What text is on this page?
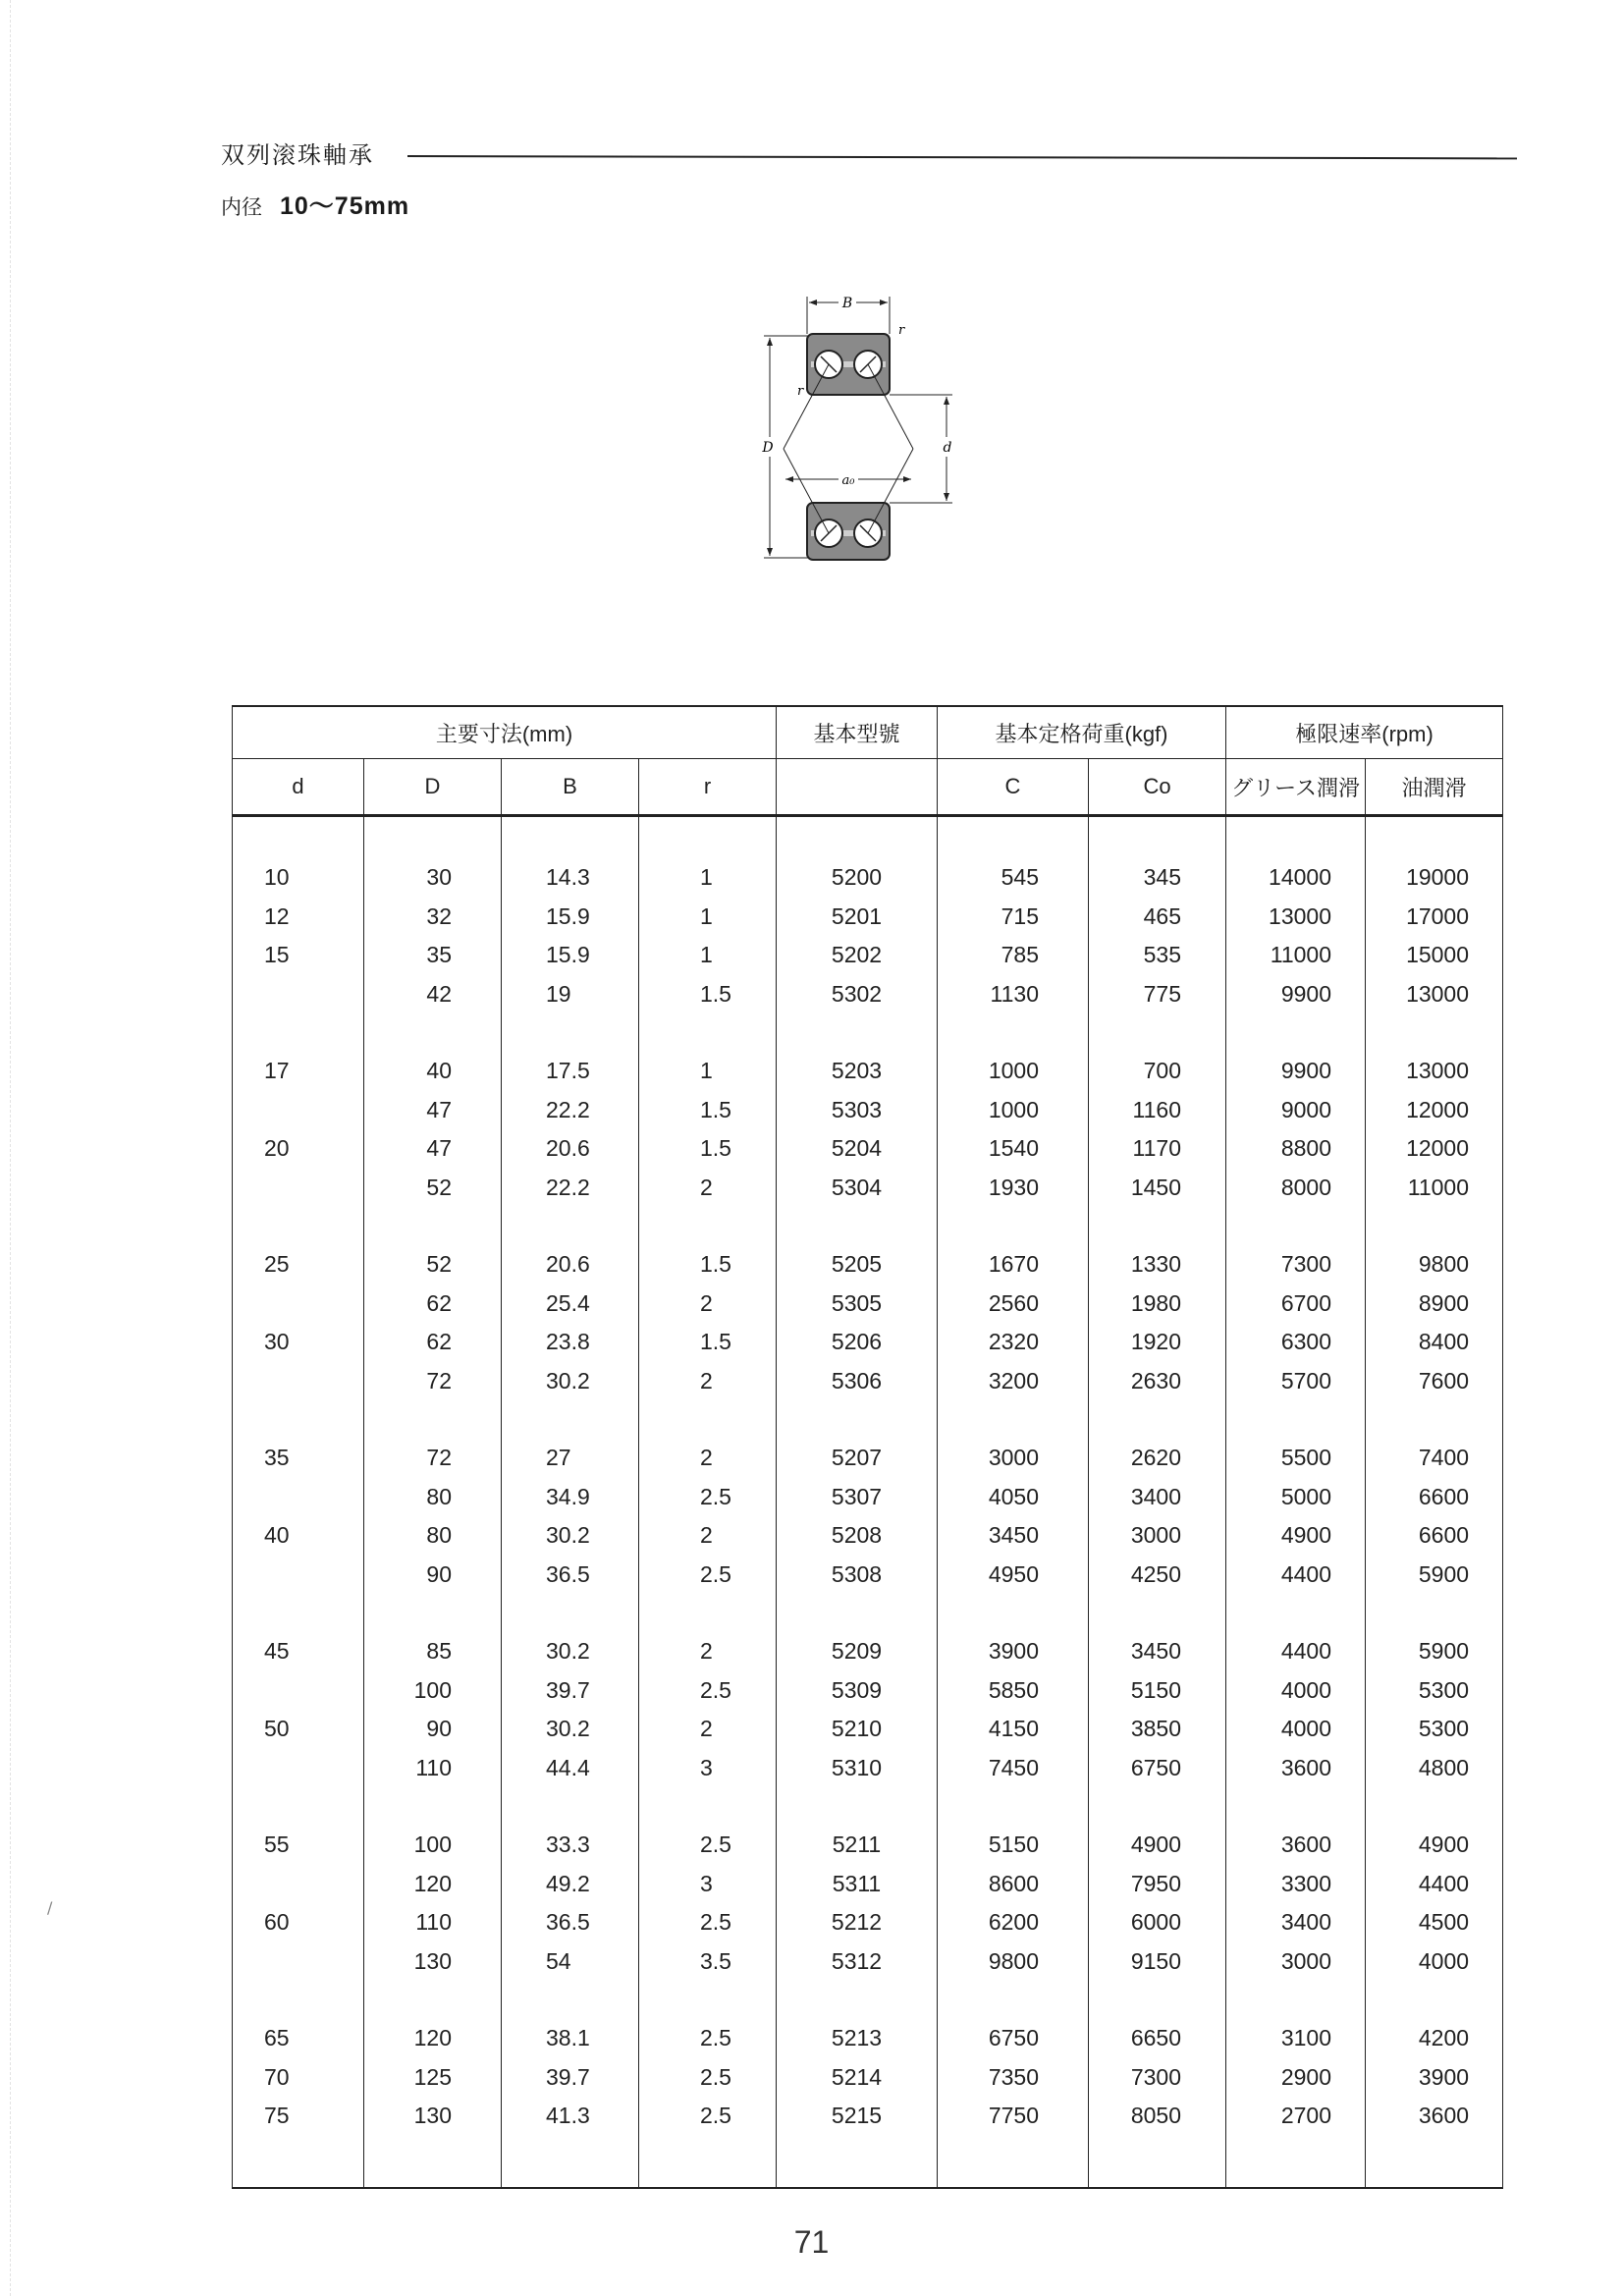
双列滚珠軸承
内径 10～75mm
B
r
D	d
r
a₀
主要寸法(mm)				基本型號	基本定格荷重(kgf)		極限速率(rpm)	
d	D	B	r		C	Co	グリース潤滑	油潤滑

10	30	14.3	1	5200	545	345	14000	19000
12	32	15.9	1	5201	715	465	13000	17000
15	35	15.9	1	5202	785	535	11000	15000
	42	19	1.5	5302	1130	775	9900	13000

17	40	17.5	1	5203	1000	700	9900	13000
	47	22.2	1.5	5303	1000	1160	9000	12000
20	47	20.6	1.5	5204	1540	1170	8800	12000
	52	22.2	2	5304	1930	1450	8000	11000

25	52	20.6	1.5	5205	1670	1330	7300	9800
	62	25.4	2	5305	2560	1980	6700	8900
30	62	23.8	1.5	5206	2320	1920	6300	8400
	72	30.2	2	5306	3200	2630	5700	7600

35	72	27	2	5207	3000	2620	5500	7400
	80	34.9	2.5	5307	4050	3400	5000	6600
40	80	30.2	2	5208	3450	3000	4900	6600
	90	36.5	2.5	5308	4950	4250	4400	5900

45	85	30.2	2	5209	3900	3450	4400	5900
	100	39.7	2.5	5309	5850	5150	4000	5300
50	90	30.2	2	5210	4150	3850	4000	5300
	110	44.4	3	5310	7450	6750	3600	4800

55	100	33.3	2.5	5211	5150	4900	3600	4900
	120	49.2	3	5311	8600	7950	3300	4400
60	110	36.5	2.5	5212	6200	6000	3400	4500
	130	54	3.5	5312	9800	9150	3000	4000

65	120	38.1	2.5	5213	6750	6650	3100	4200
70	125	39.7	2.5	5214	7350	7300	2900	3900
75	130	41.3	2.5	5215	7750	8050	2700	3600

71
/
